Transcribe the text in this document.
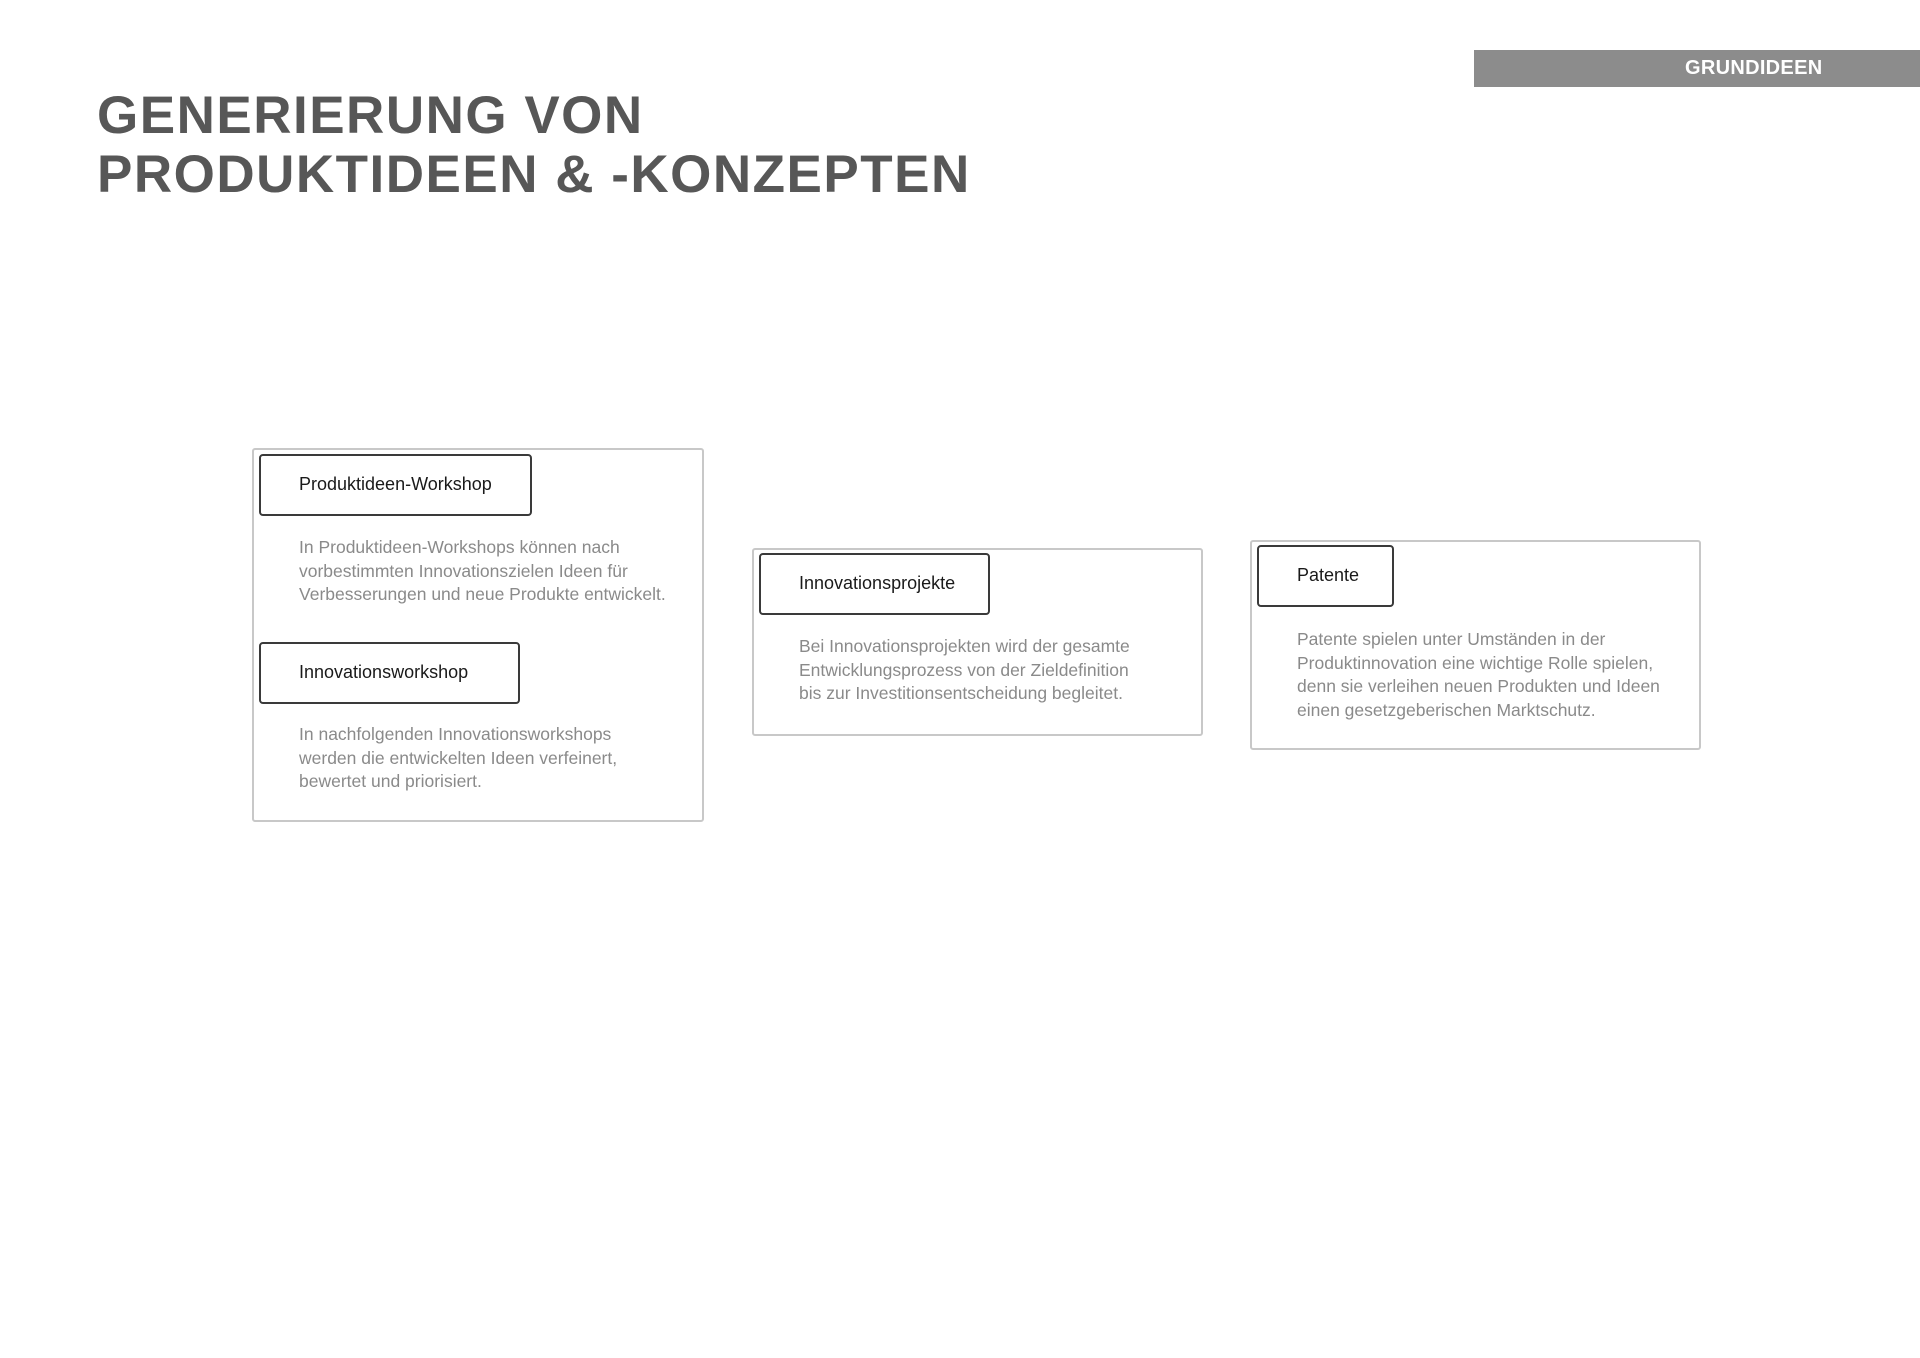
GRUNDIDEEN
GENERIERUNG VON
PRODUKTIDEEN & -KONZEPTEN
Produktideen-Workshop

In Produktideen-Workshops können nach
vorbestimmten Innovationszielen Ideen für
Verbesserungen und neue Produkte entwickelt.

Innovationsworkshop

In nachfolgenden Innovationsworkshops
werden die entwickelten Ideen verfeinert,
bewertet und priorisiert.

Innovationsprojekte

Bei Innovationsprojekten wird der gesamte
Entwicklungsprozess von der Zieldefinition
bis zur Investitionsentscheidung begleitet.

Patente

Patente spielen unter Umständen in der
Produktinnovation eine wichtige Rolle spielen,
denn sie verleihen neuen Produkten und Ideen
einen gesetzgeberischen Marktschutz.
